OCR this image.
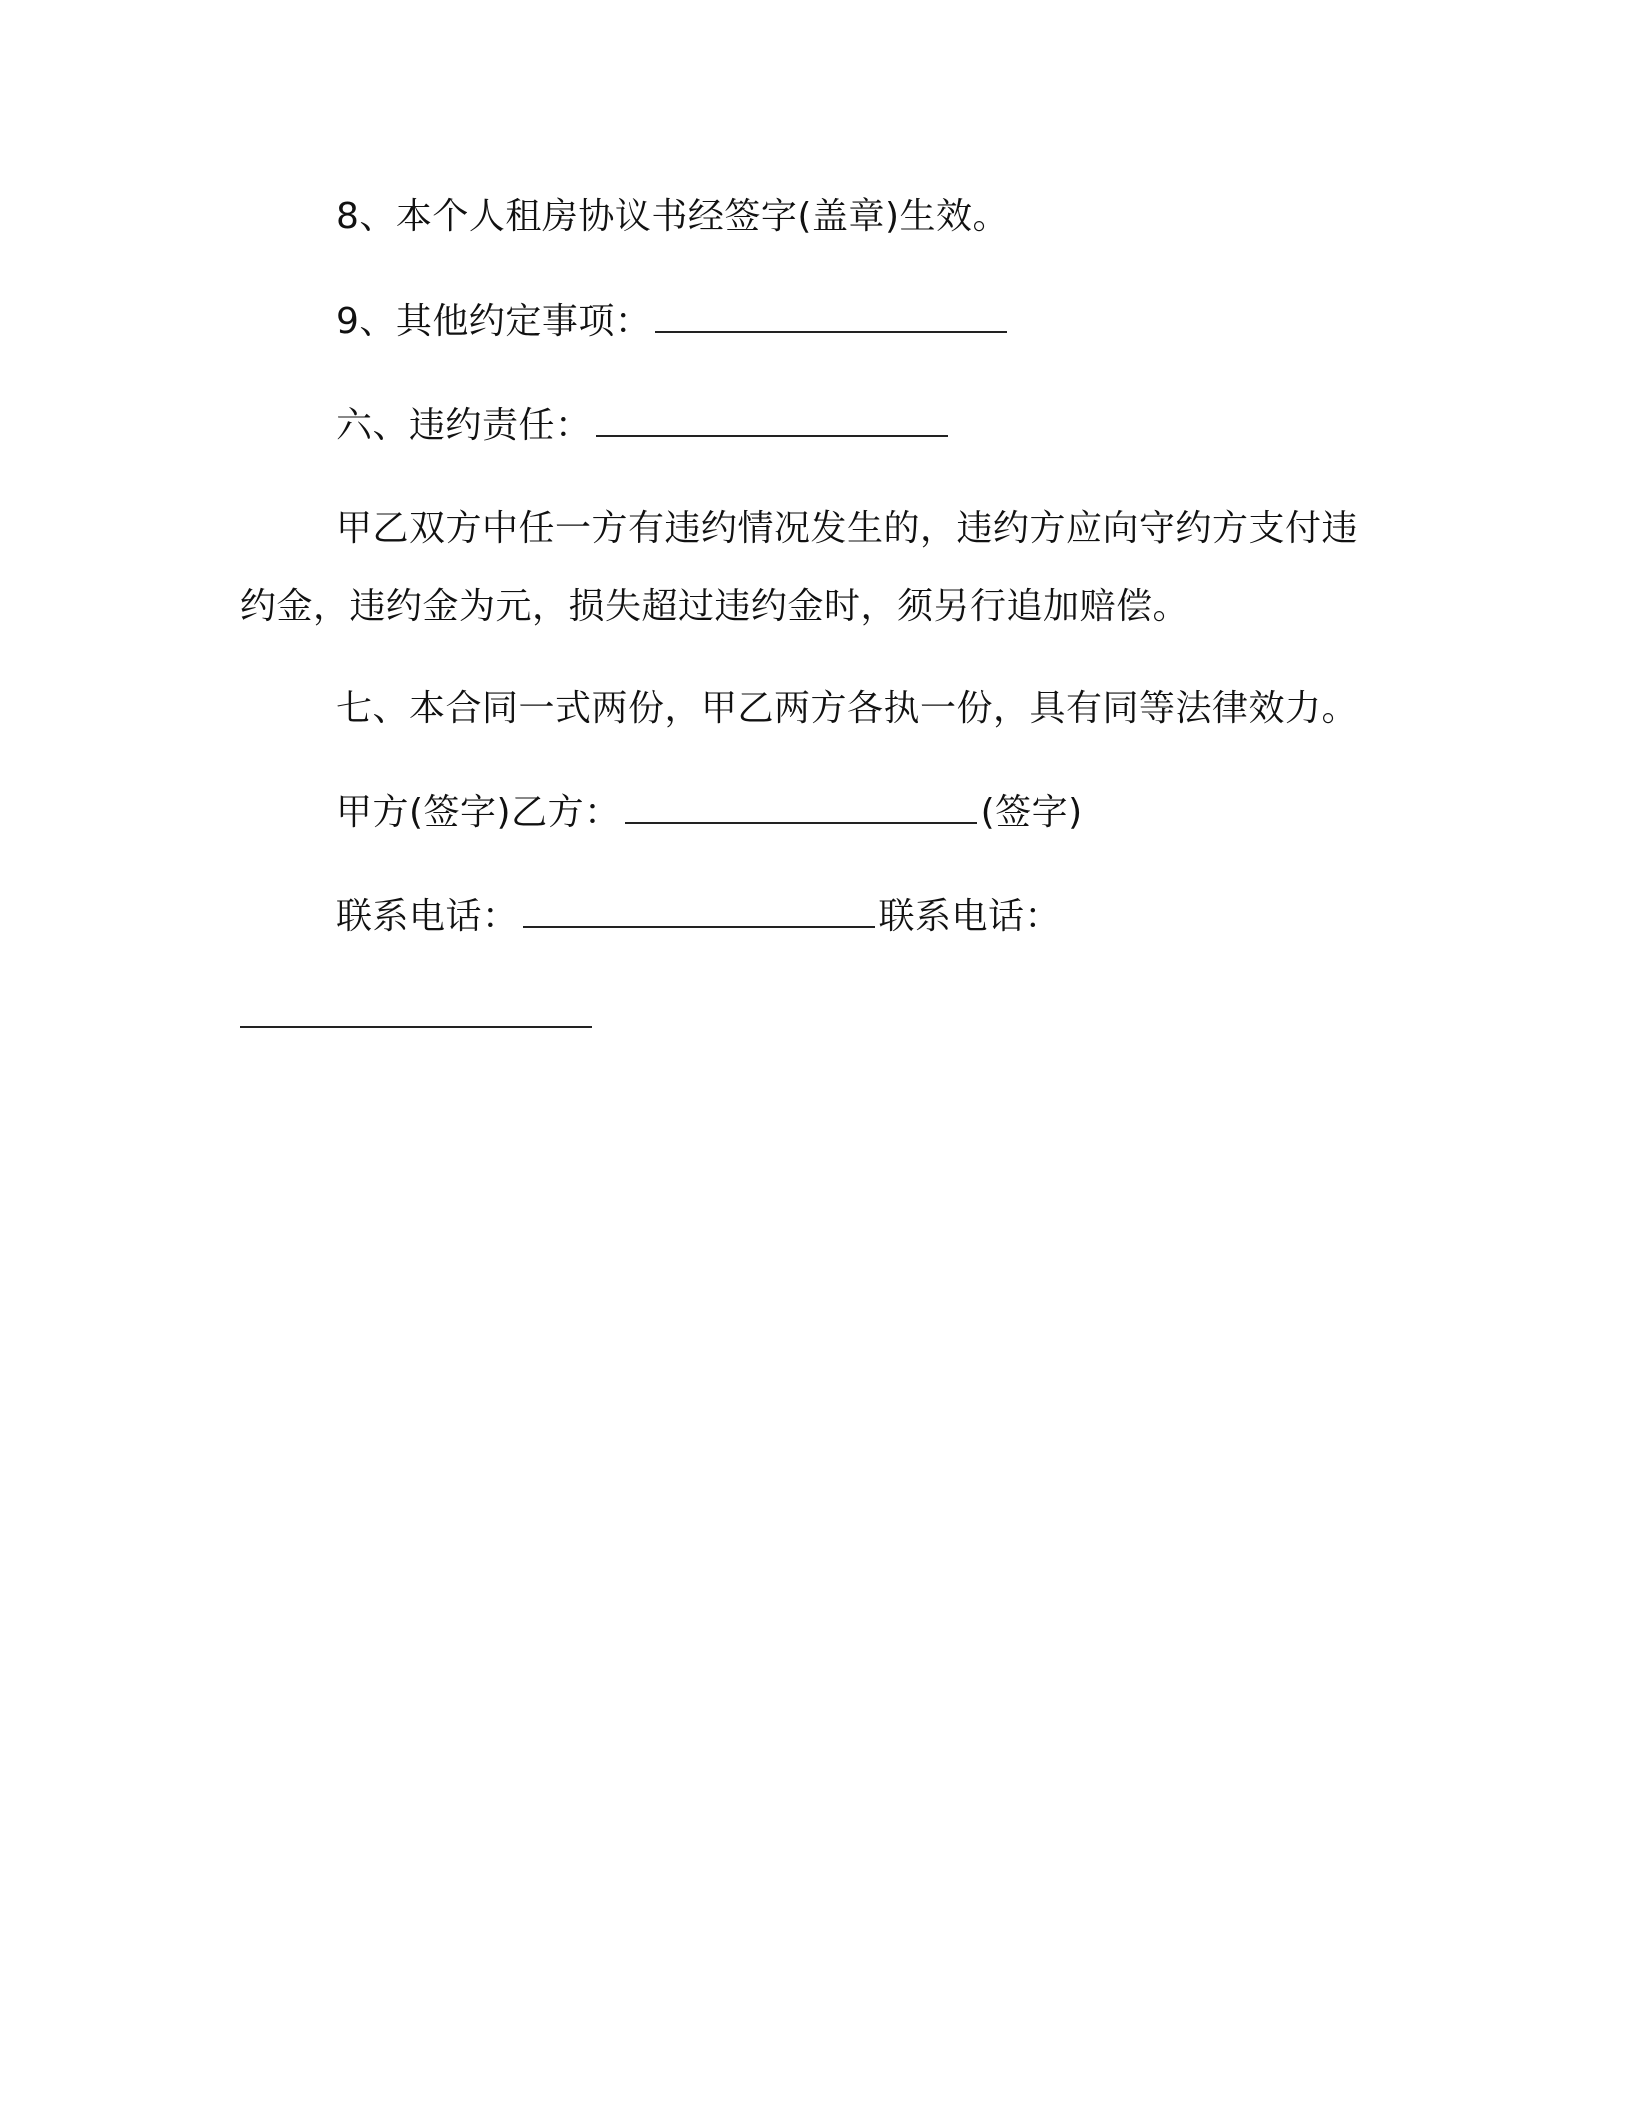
8、本个人租房协议书经签字(盖章)生效。
9、其他约定事项：
六、违约责任：
甲乙双方中任一方有违约情况发生的，违约方应向守约方支付违约金，违约金为元，损失超过违约金时，须另行追加赔偿。
七、本合同一式两份，甲乙两方各执一份，具有同等法律效力。
甲方(签字)乙方：	(签字)
联系电话：	联系电话：
